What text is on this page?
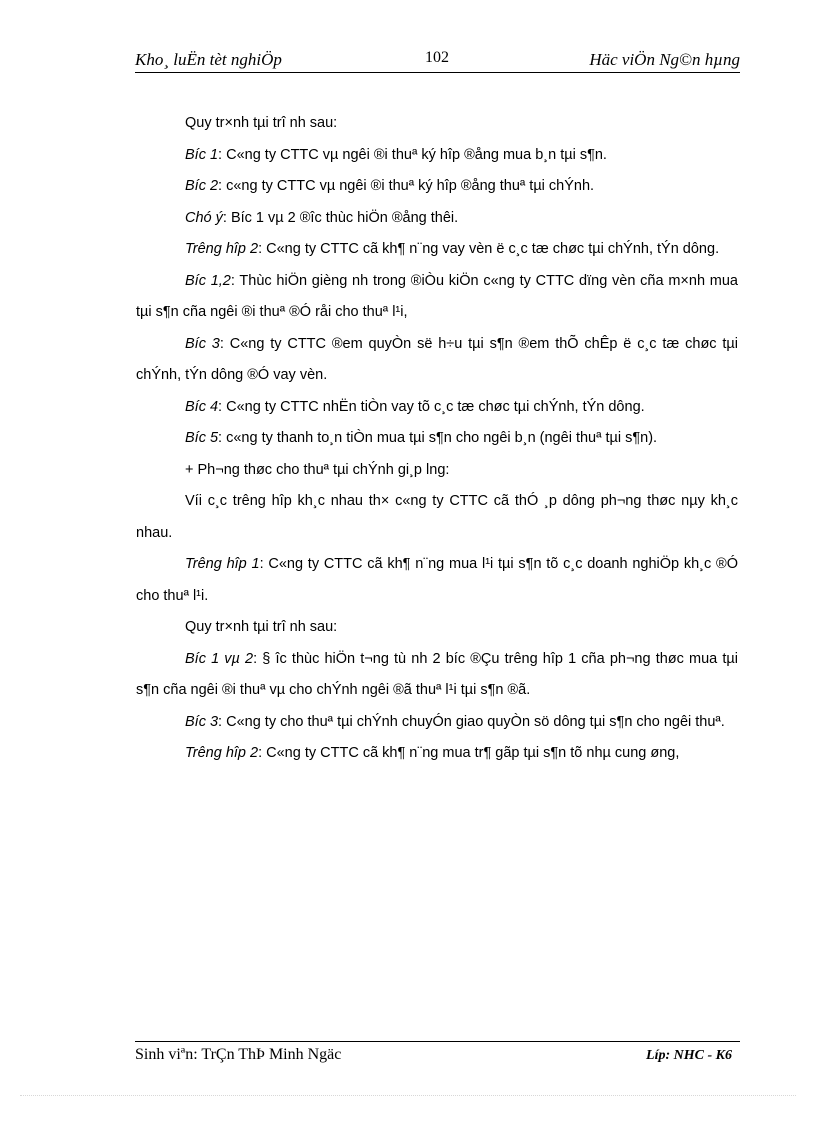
Kho¸ luËn tèt nghiÖp	102	Häc viÖn Ng©n hµng

Quy tr×nh tµi trî nh sau:

Bíc 1: C«ng ty CTTC vµ ngêi ®i thuª ký hîp ®ång mua b¸n tµi s¶n.

Bíc 2: c«ng ty CTTC vµ ngêi ®i thuª ký hîp ®ång thuª tµi chÝnh.

Chó ý: Bíc 1 vµ 2 ®îc thùc hiÖn ®ång thêi.

Trêng hîp 2: C«ng ty CTTC cã kh¶ n¨ng vay vèn ë c¸c tæ chøc tµi chÝnh, tÝn dông.

Bíc 1,2: Thùc hiÖn gièng nh trong ®iÒu kiÖn c«ng ty CTTC dïng vèn cña m×nh mua tµi s¶n cña ngêi ®i thuª ®Ó råi cho thuª l¹i,

Bíc 3: C«ng ty CTTC ®em quyÒn së h÷u tµi s¶n ®em thÕ chÊp ë c¸c tæ chøc tµi chÝnh, tÝn dông ®Ó vay vèn.

Bíc 4: C«ng ty CTTC nhËn tiÒn vay tõ c¸c tæ chøc tµi chÝnh, tÝn dông.

Bíc 5: c«ng ty thanh to¸n tiÒn mua tµi s¶n cho ngêi b¸n (ngêi thuª tµi s¶n).

+ Ph¬ng thøc cho thuª tµi chÝnh gi¸p lng:

Víi c¸c trêng hîp kh¸c nhau th× c«ng ty CTTC cã thÓ ¸p dông ph¬ng thøc nµy kh¸c nhau.

Trêng hîp 1: C«ng ty CTTC cã kh¶ n¨ng mua l¹i tµi s¶n tõ c¸c doanh nghiÖp kh¸c ®Ó cho thuª l¹i.

Quy tr×nh tµi trî nh sau:

Bíc 1 vµ 2: § îc thùc hiÖn t¬ng tù nh 2 bíc ®Çu trêng hîp 1 cña ph¬ng thøc mua tµi s¶n cña ngêi ®i thuª vµ cho chÝnh ngêi ®ã thuª l¹i tµi s¶n ®ã.

Bíc 3: C«ng ty cho thuª tµi chÝnh chuyÓn giao quyÒn sö dông tµi s¶n cho ngêi thuª.

Trêng hîp 2: C«ng ty CTTC cã kh¶ n¨ng mua tr¶ gãp tµi s¶n tõ nhµ cung øng,

Sinh viªn: TrÇn ThÞ Minh Ngäc	Líp: NHC - K6
